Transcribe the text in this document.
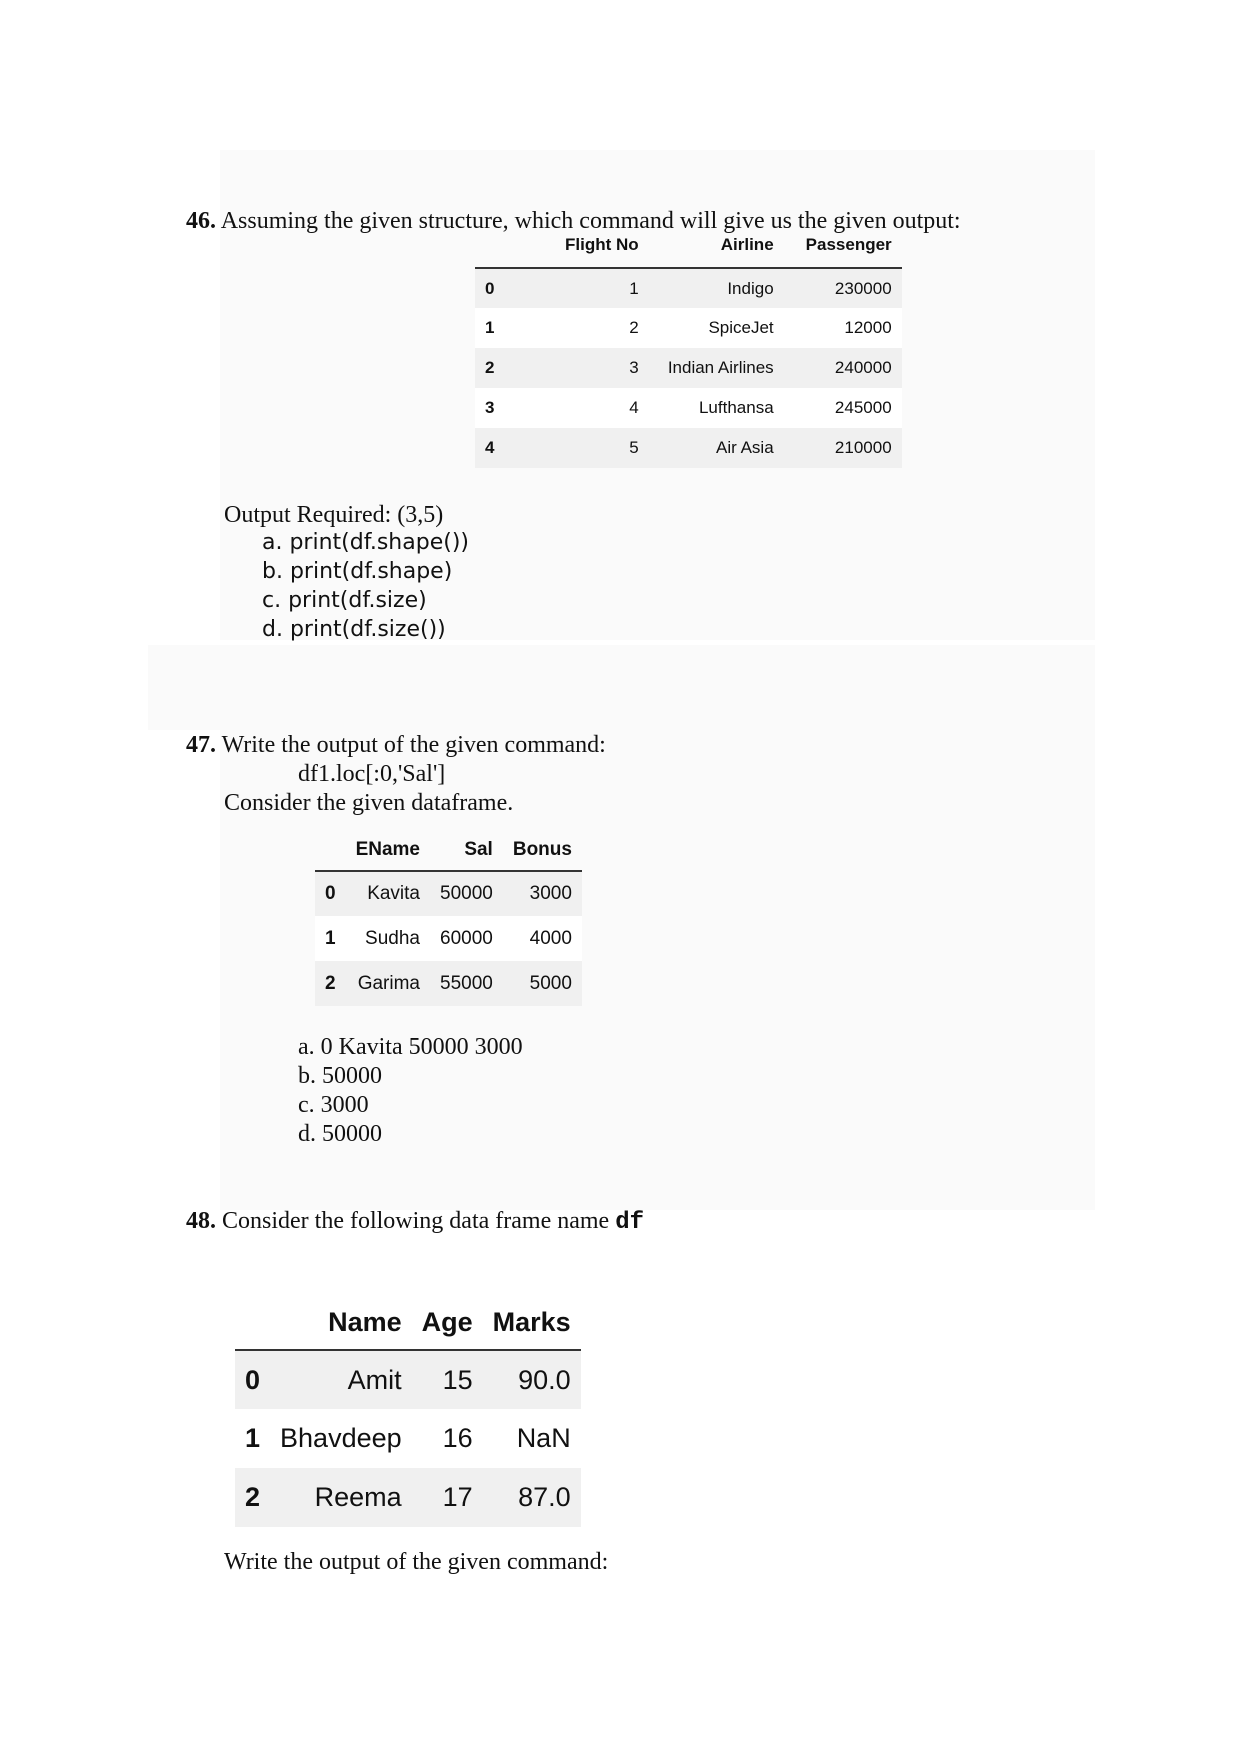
46. Assuming the given structure, which command will give us the given output:
	Flight No	Airline	Passenger
0	1	Indigo	230000
1	2	SpiceJet	12000
2	3	Indian Airlines	240000
3	4	Lufthansa	245000
4	5	Air Asia	210000
Output Required: (3,5)
a. print(df.shape())
b. print(df.shape)
c. print(df.size)
d. print(df.size())
47. Write the output of the given command:
df1.loc[:0,'Sal']
Consider the given dataframe.
	EName	Sal	Bonus
0	Kavita	50000	3000
1	Sudha	60000	4000
2	Garima	55000	5000
a. 0 Kavita 50000 3000
b. 50000
c. 3000
d. 50000
48. Consider the following data frame name df
	Name	Age	Marks
0	Amit	15	90.0
1	Bhavdeep	16	NaN
2	Reema	17	87.0
Write the output of the given command:
